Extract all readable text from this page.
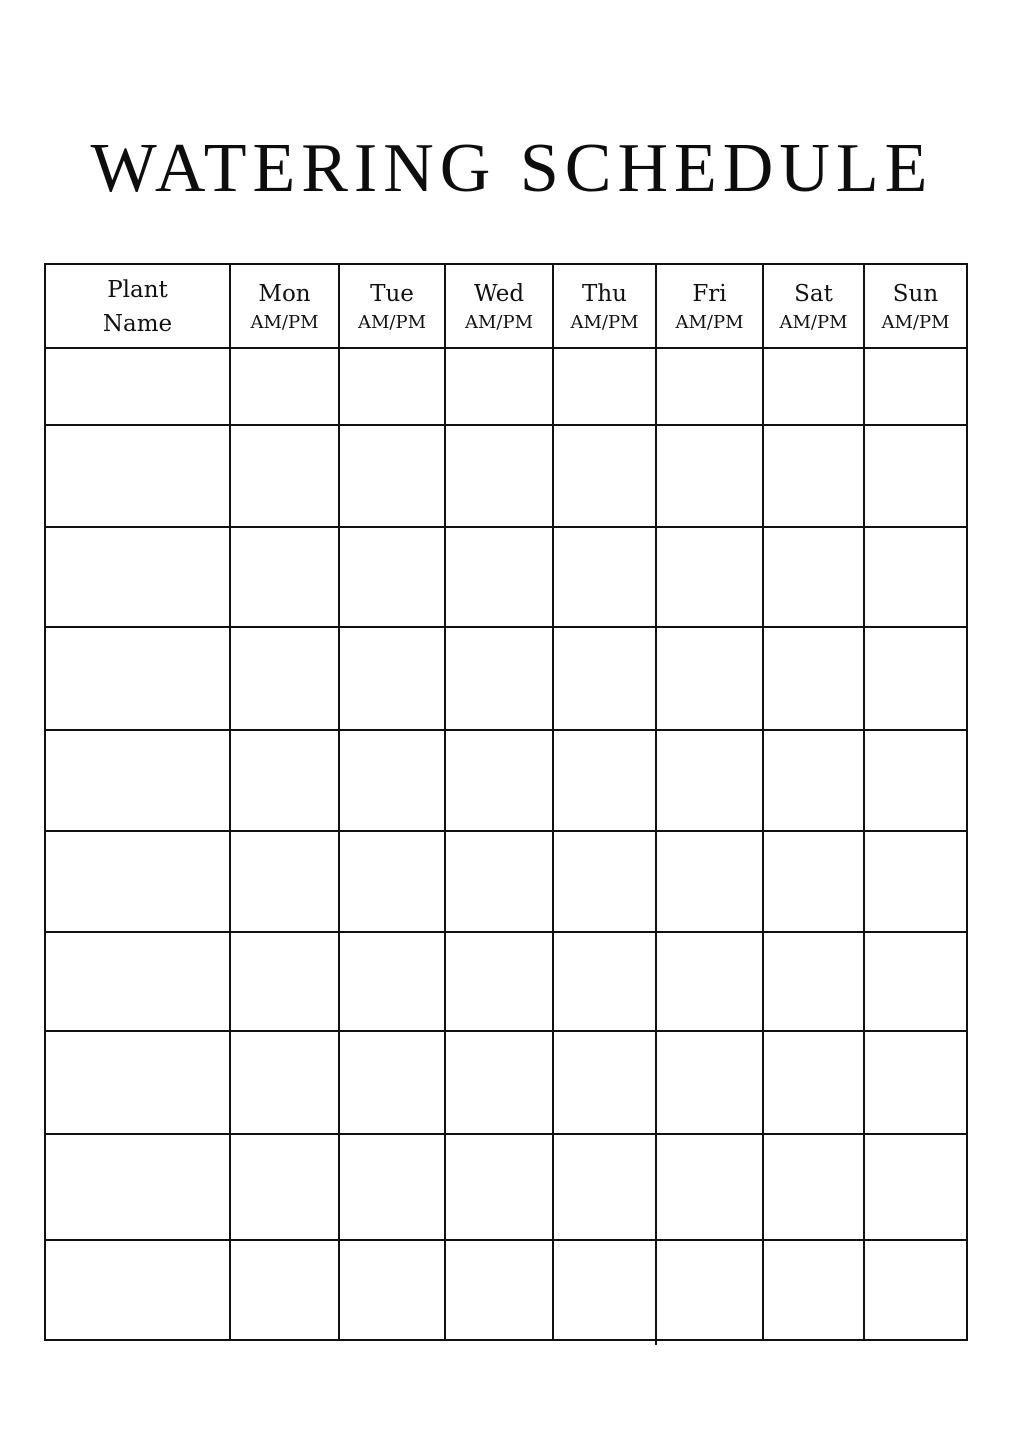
WATERING SCHEDULE
Plant
Name
Mon
AM/PM
Tue
AM/PM
Wed
AM/PM
Thu
AM/PM
Fri
AM/PM
Sat
AM/PM
Sun
AM/PM
